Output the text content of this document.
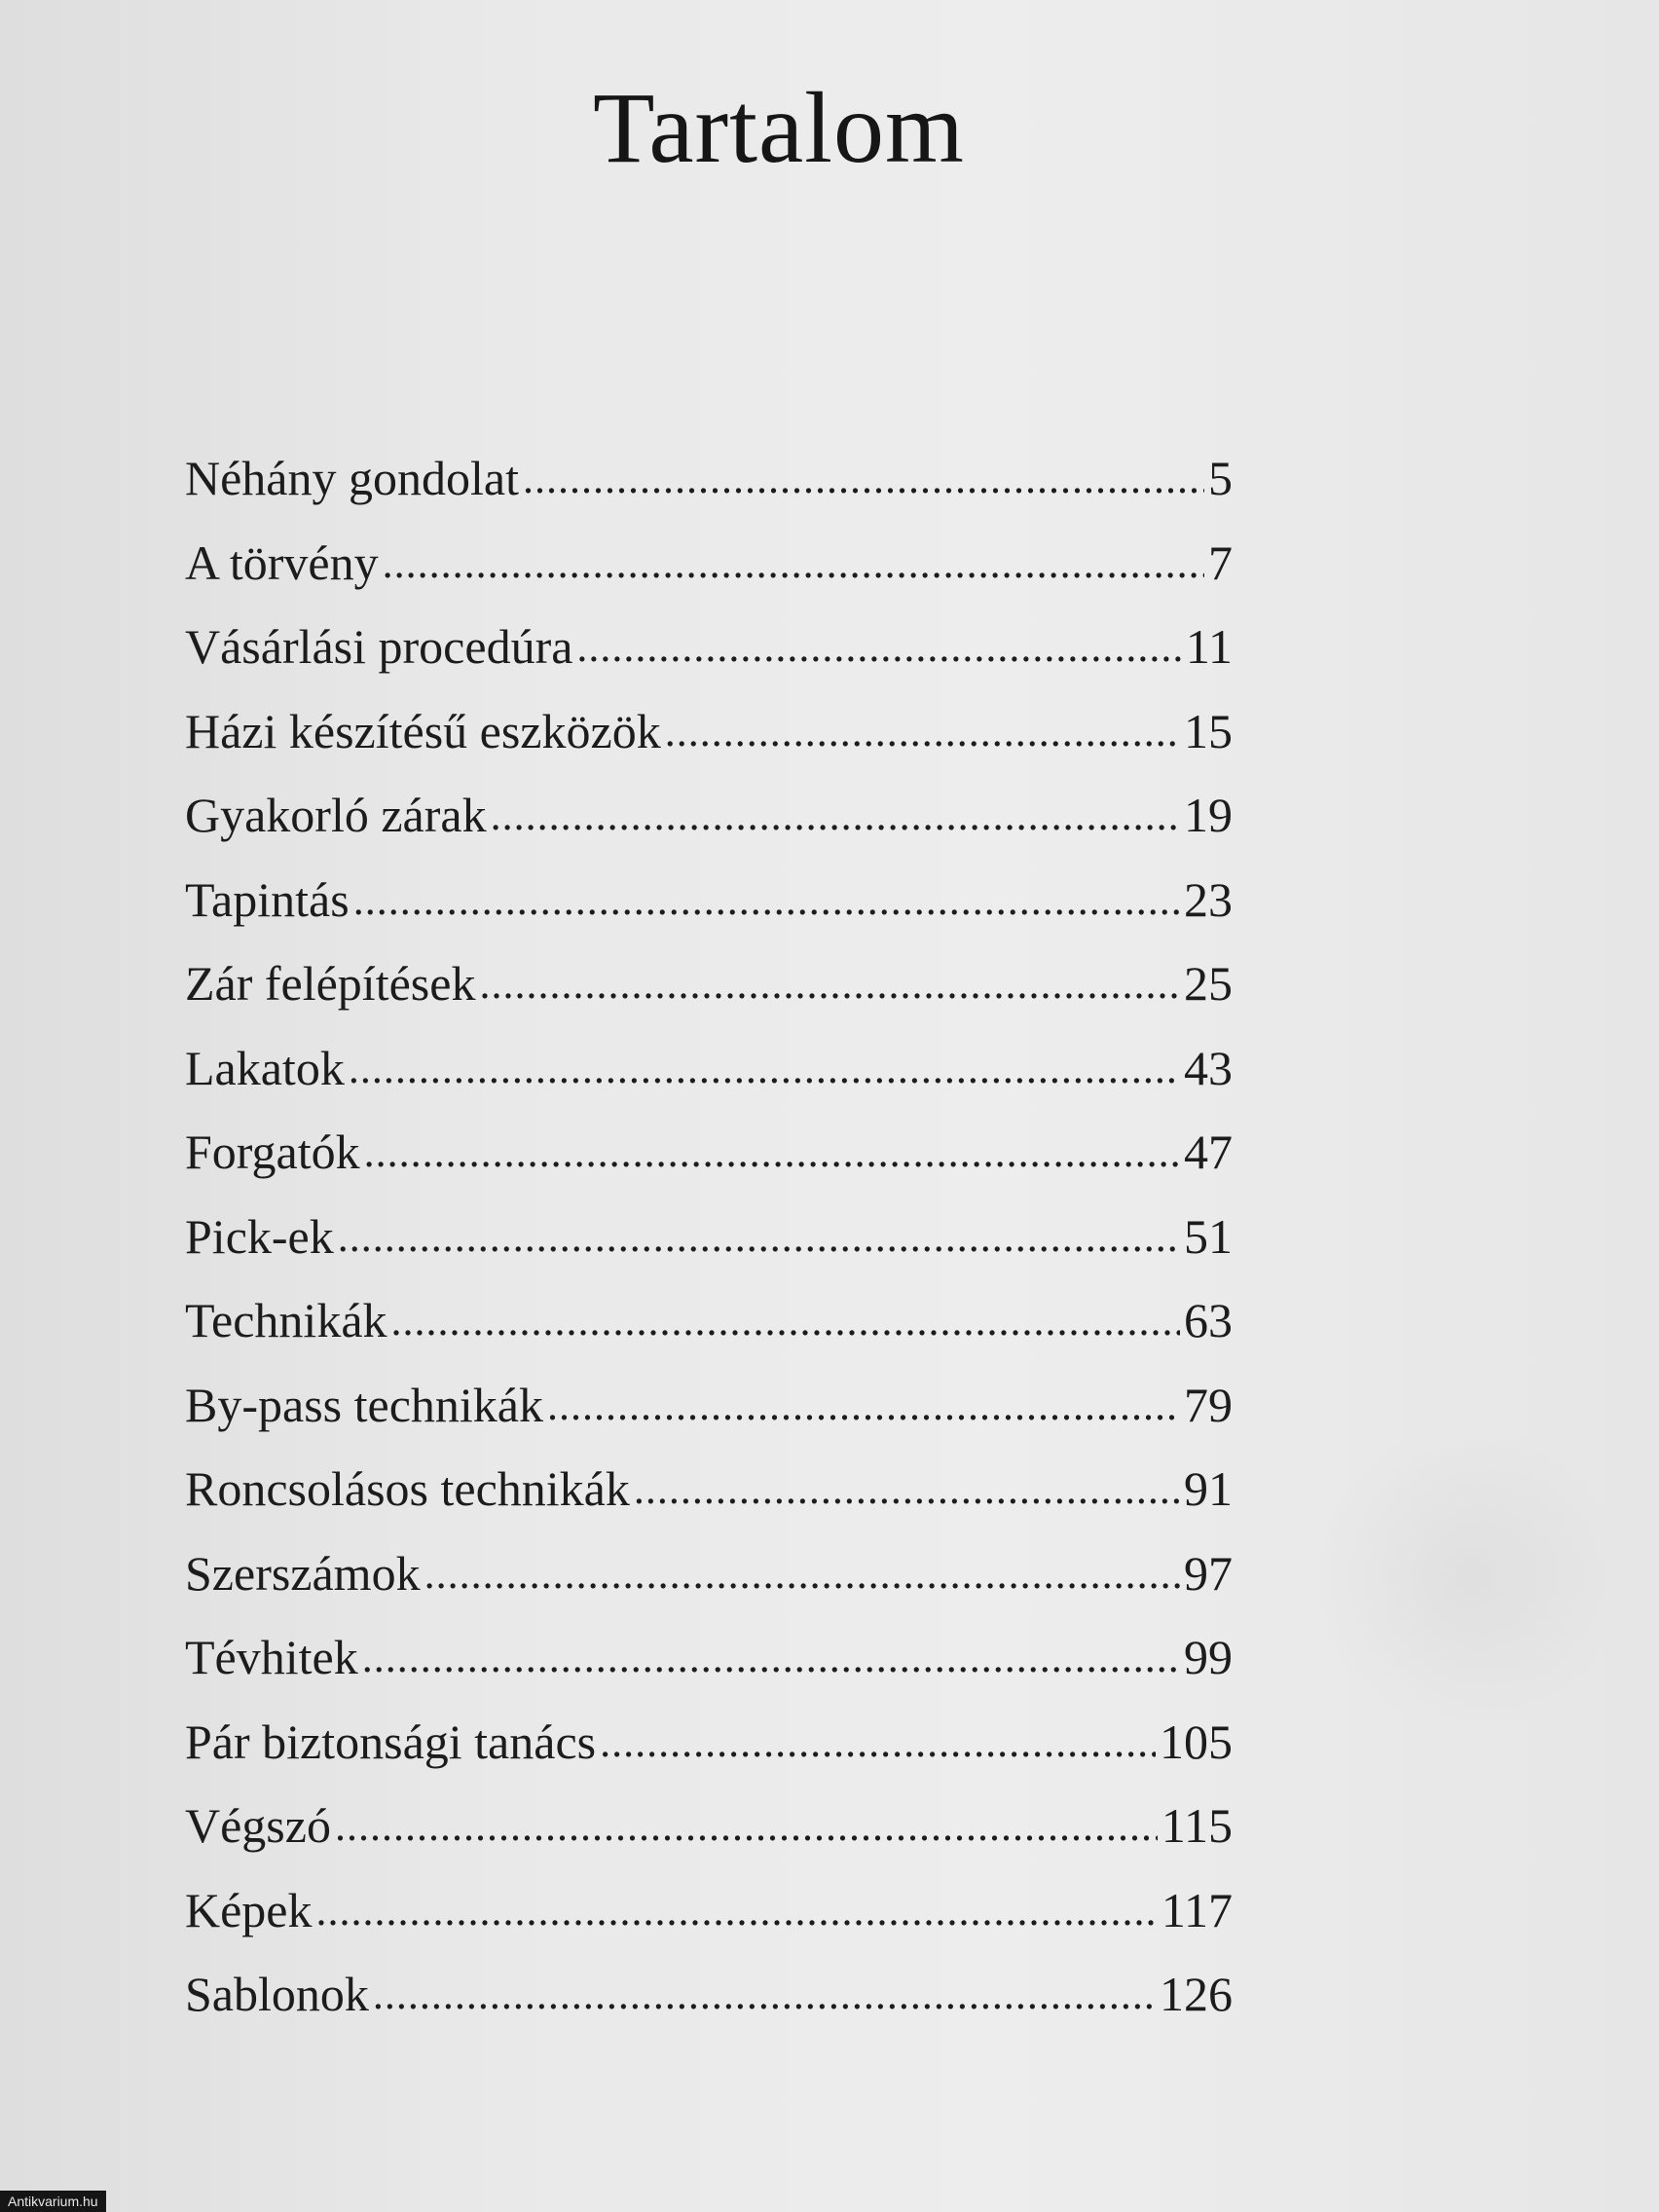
Tartalom
Néhány gondolat .....	5
A törvény .....	7
Vásárlási procedúra .....	11
Házi készítésű eszközök .....	15
Gyakorló zárak .....	19
Tapintás .....	23
Zár felépítések .....	25
Lakatok .....	43
Forgatók .....	47
Pick-ek .....	51
Technikák .....	63
By-pass technikák .....	79
Roncsolásos technikák .....	91
Szerszámok .....	97
Tévhitek .....	99
Pár biztonsági tanács .....	105
Végszó .....	115
Képek .....	117
Sablonok .....	126
Antikvarium.hu
